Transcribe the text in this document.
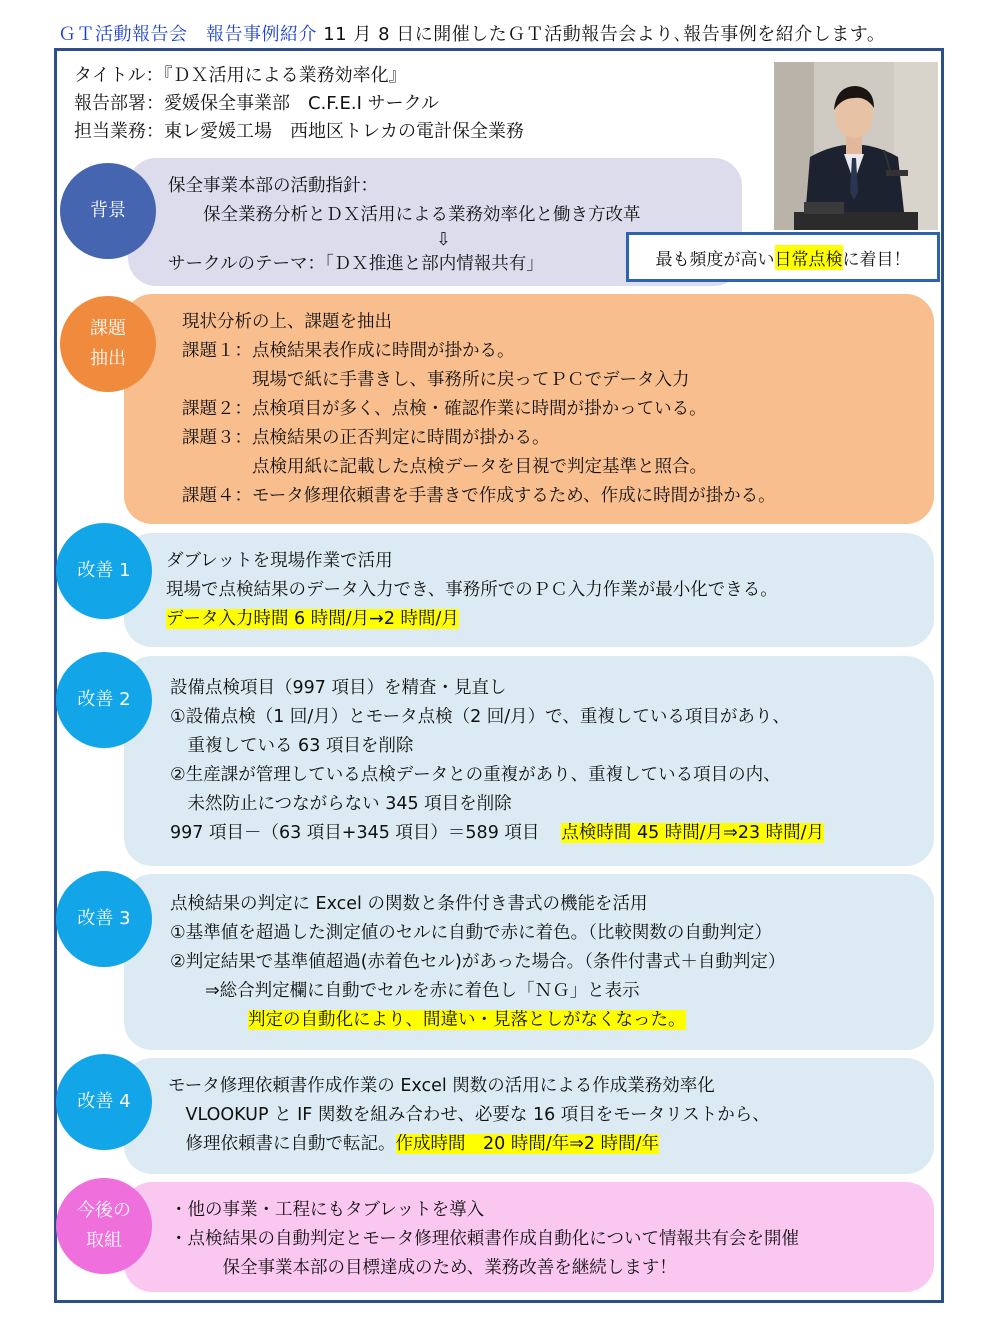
ＧＴ活動報告会　報告事例紹介 11 月 8 日に開催したＧＴ活動報告会より､報告事例を紹介します。
タイトル：『ＤＸ活用による業務効率化』
報告部署：愛媛保全事業部　C.F.E.I サークル
担当業務：東レ愛媛工場　西地区トレカの電計保全業務
保全事業本部の活動指針：
　　保全業務分析とＤＸ活用による業務効率化と働き方改革
⇩
サークルのテーマ：「ＤＸ推進と部内情報共有」
背景
最も頻度が高い 日常点検 に着目！
現状分析の上、課題を抽出
課題１：点検結果表作成に時間が掛かる。
　　　　現場で紙に手書きし、事務所に戻ってＰＣでデータ入力
課題２：点検項目が多く、点検・確認作業に時間が掛かっている。
課題３：点検結果の正否判定に時間が掛かる。
　　　　点検用紙に記載した点検データを目視で判定基準と照合。
課題４：モータ修理依頼書を手書きで作成するため、作成に時間が掛かる。
課題
抽出
ダブレットを現場作業で活用
現場で点検結果のデータ入力でき、事務所でのＰＣ入力作業が最小化できる。
データ入力時間 6 時間/月→2 時間/月
改善 1
設備点検項目（997 項目）を精査・見直し
①設備点検（1 回/月）とモータ点検（2 回/月）で、重複している項目があり、
　重複している 63 項目を削除
②生産課が管理している点検データとの重複があり、重複している項目の内、
　未然防止につながらない 345 項目を削除
997 項目－（63 項目+345 項目）＝589 項目 点検時間 45 時間/月⇒23 時間/月
改善 2
点検結果の判定に Excel の関数と条件付き書式の機能を活用
①基準値を超過した測定値のセルに自動で赤に着色。（比較関数の自動判定）
②判定結果で基準値超過(赤着色セル)があった場合。（条件付書式＋自動判定）
　　⇒総合判定欄に自動でセルを赤に着色し「ＮＧ」と表示
判定の自動化により、間違い・見落としがなくなった。
改善 3
モータ修理依頼書作成作業の Excel 関数の活用による作成業務効率化
　VLOOKUP と IF 関数を組み合わせ、必要な 16 項目をモータリストから、
　修理依頼書に自動で転記。作成時間　20 時間/年⇒2 時間/年
改善 4
・他の事業・工程にもタブレットを導入
・点検結果の自動判定とモータ修理依頼書作成自動化について情報共有会を開催
　　　保全事業本部の目標達成のため、業務改善を継続します！
今後の
取組
